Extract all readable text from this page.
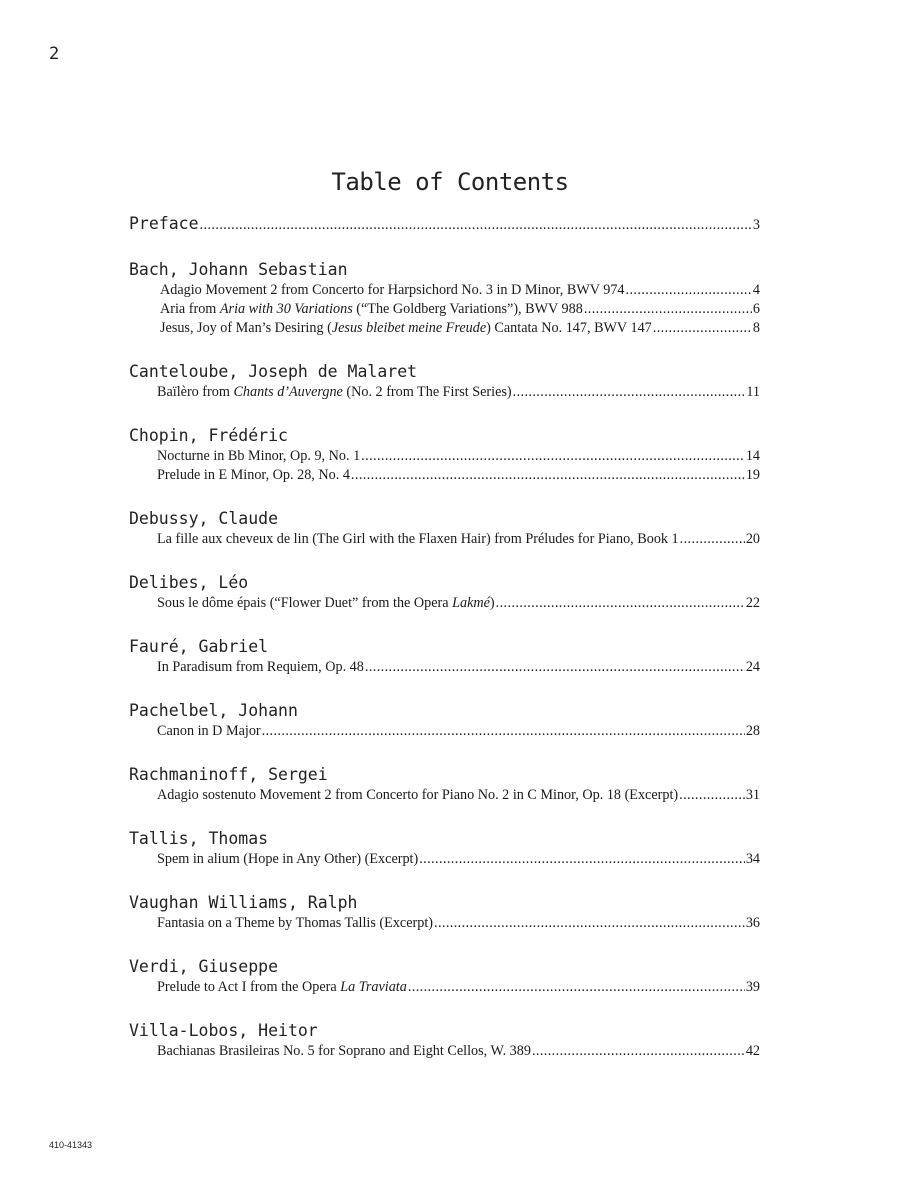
2
Table of Contents
Preface .....	3
Bach, Johann Sebastian
Adagio Movement 2 from Concerto for Harpsichord No. 3 in D Minor, BWV 974 .....	4
Aria from Aria with 30 Variations (“The Goldberg Variations”), BWV 988 .....	6
Jesus, Joy of Man’s Desiring (Jesus bleibet meine Freude) Cantata No. 147, BWV 147 .....	8
Canteloube, Joseph de Malaret
Baïlèro from Chants d’Auvergne (No. 2 from The First Series) .....	11
Chopin, Frédéric
Nocturne in Bb Minor, Op. 9, No. 1 .....	14
Prelude in E Minor, Op. 28, No. 4 .....	19
Debussy, Claude
La fille aux cheveux de lin (The Girl with the Flaxen Hair) from Préludes for Piano, Book 1 .....	20
Delibes, Léo
Sous le dôme épais (“Flower Duet” from the Opera Lakmé) .....	22
Fauré, Gabriel
In Paradisum from Requiem, Op. 48 .....	24
Pachelbel, Johann
Canon in D Major .....	28
Rachmaninoff, Sergei
Adagio sostenuto Movement 2 from Concerto for Piano No. 2 in C Minor, Op. 18 (Excerpt) .....	31
Tallis, Thomas
Spem in alium (Hope in Any Other) (Excerpt) .....	34
Vaughan Williams, Ralph
Fantasia on a Theme by Thomas Tallis (Excerpt) .....	36
Verdi, Giuseppe
Prelude to Act I from the Opera La Traviata .....	39
Villa-Lobos, Heitor
Bachianas Brasileiras No. 5 for Soprano and Eight Cellos, W. 389 .....	42
410-41343
